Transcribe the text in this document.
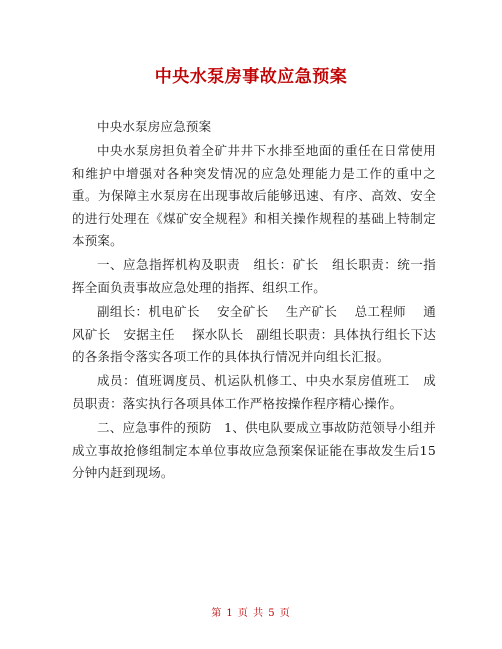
中央水泵房事故应急预案

中央水泵房应急预案

中央水泵房担负着全矿井井下水排至地面的重任在日常使用和维护中增强对各种突发情况的应急处理能力是工作的重中之重。为保障主水泵房在出现事故后能够迅速、有序、高效、安全的进行处理在《煤矿安全规程》和相关操作规程的基础上特制定本预案。

一、应急指挥机构及职责   组长：矿长   组长职责：统一指挥全面负责事故应急处理的指挥、组织工作。

副组长：机电矿长    安全矿长    生产矿长    总工程师    通风矿长   安据主任    探水队长   副组长职责：具体执行组长下达的各条指令落实各项工作的具体执行情况并向组长汇报。

成员：值班调度员、机运队机修工、中央水泵房值班工   成员职责：落实执行各项具体工作严格按操作程序精心操作。

二、应急事件的预防   1、供电队要成立事故防范领导小组并成立事故抢修组制定本单位事故应急预案保证能在事故发生后15 分钟内赶到现场。

第 1 页 共 5 页
